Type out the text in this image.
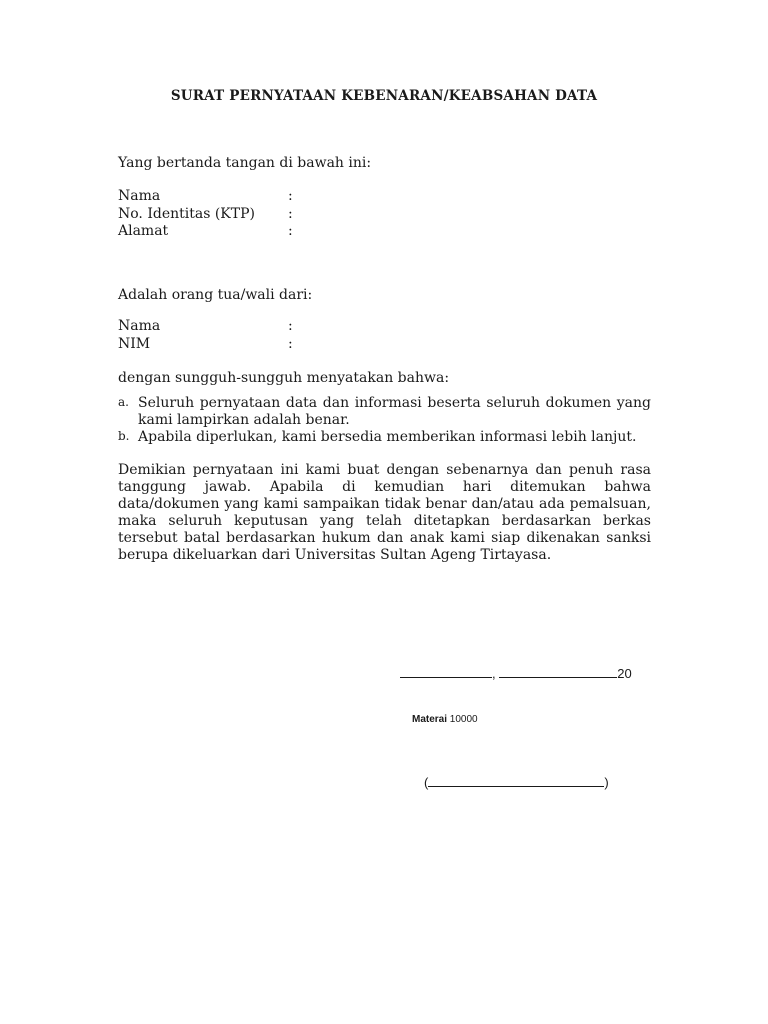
SURAT PERNYATAAN KEBENARAN/KEABSAHAN DATA
Yang bertanda tangan di bawah ini:
Nama	:
No. Identitas (KTP) :
Alamat	:
Adalah orang tua/wali dari:
Nama	:
NIM	:
dengan sungguh-sungguh menyatakan bahwa:
a. Seluruh pernyataan data dan informasi beserta seluruh dokumen yang kami lampirkan adalah benar.
b. Apabila diperlukan, kami bersedia memberikan informasi lebih lanjut.
Demikian pernyataan ini kami buat dengan sebenarnya dan penuh rasa tanggung jawab. Apabila di kemudian hari ditemukan bahwa data/dokumen yang kami sampaikan tidak benar dan/atau ada pemalsuan, maka seluruh keputusan yang telah ditetapkan berdasarkan berkas tersebut batal berdasarkan hukum dan anak kami siap dikenakan sanksi berupa dikeluarkan dari Universitas Sultan Ageng Tirtayasa.
,	20
Materai 10000
(	)
